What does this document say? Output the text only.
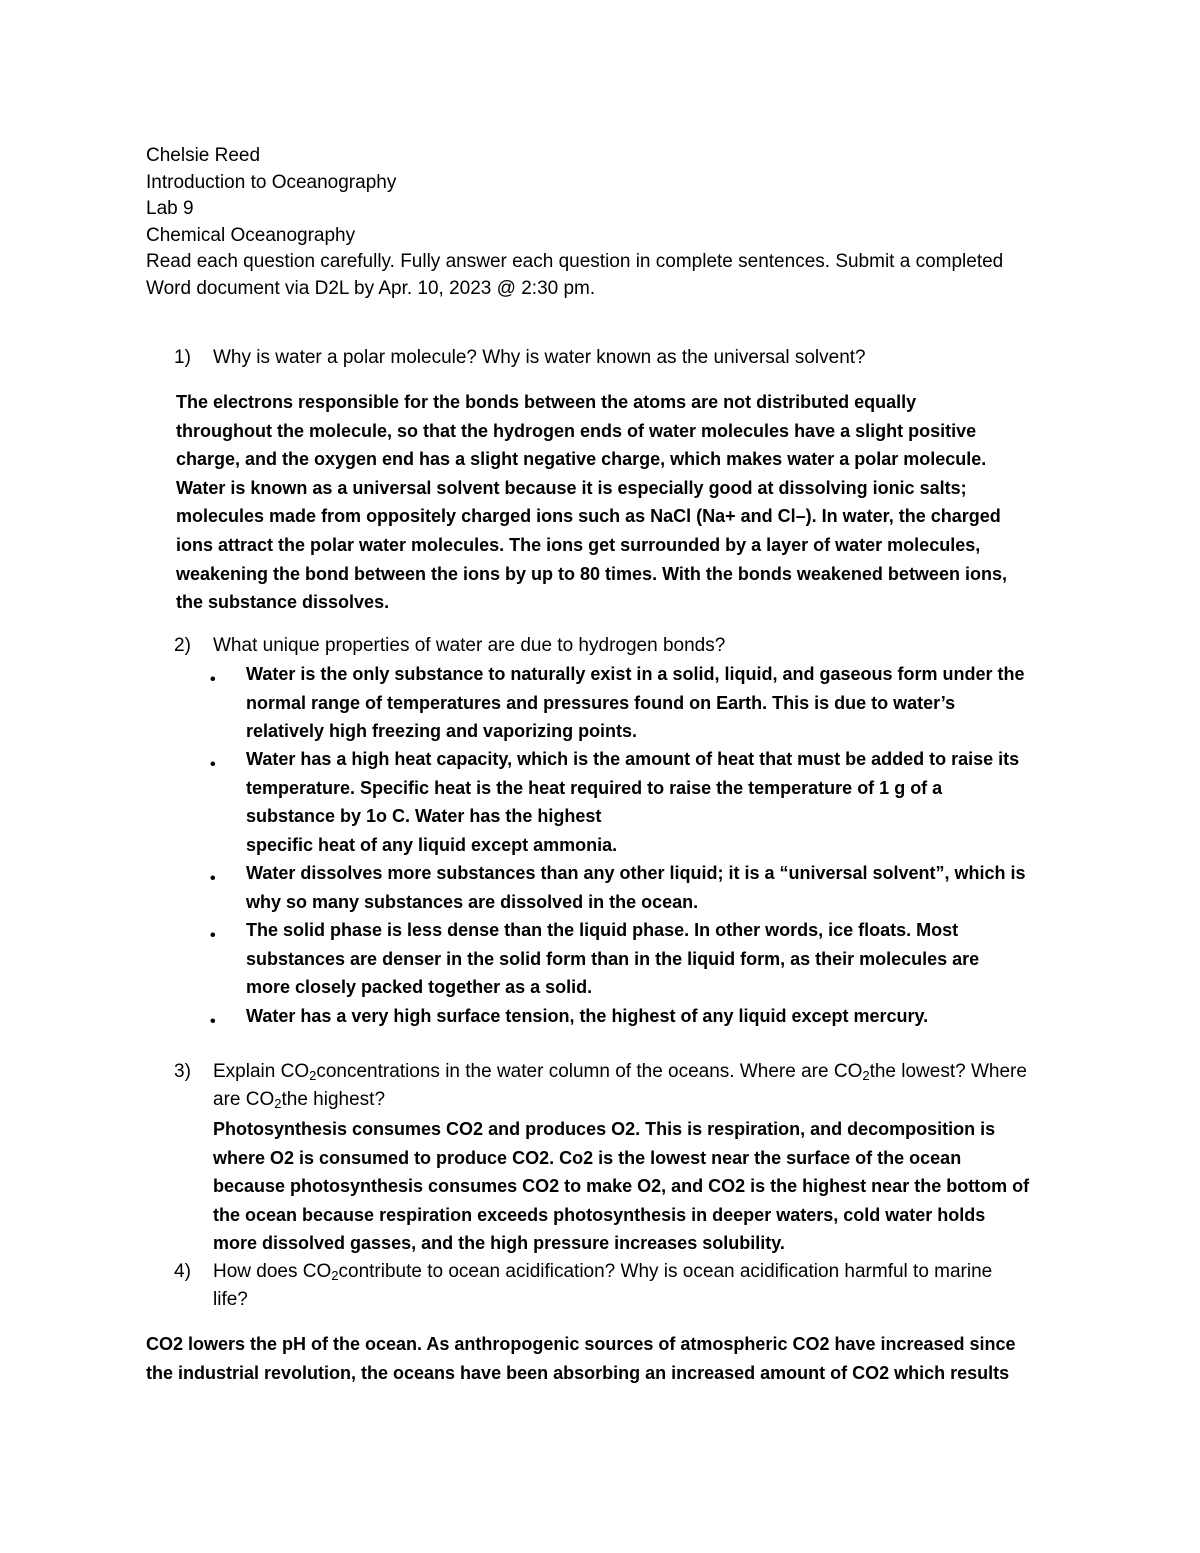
Chelsie Reed
Introduction to Oceanography
Lab 9
Chemical Oceanography
Read each question carefully. Fully answer each question in complete sentences. Submit a completed
Word document via D2L by Apr. 10, 2023 @ 2:30 pm.
1) Why is water a polar molecule? Why is water known as the universal solvent?
The electrons responsible for the bonds between the atoms are not distributed equally
throughout the molecule, so that the hydrogen ends of water molecules have a slight positive
charge, and the oxygen end has a slight negative charge, which makes water a polar molecule.
Water is known as a universal solvent because it is especially good at dissolving ionic salts;
molecules made from oppositely charged ions such as NaCl (Na+ and Cl–). In water, the charged
ions attract the polar water molecules. The ions get surrounded by a layer of water molecules,
weakening the bond between the ions by up to 80 times. With the bonds weakened between ions,
the substance dissolves.
2) What unique properties of water are due to hydrogen bonds?
• Water is the only substance to naturally exist in a solid, liquid, and gaseous form under the
normal range of temperatures and pressures found on Earth. This is due to water’s
relatively high freezing and vaporizing points.
• Water has a high heat capacity, which is the amount of heat that must be added to raise its
temperature. Specific heat is the heat required to raise the temperature of 1 g of a
substance by 1o C. Water has the highest
specific heat of any liquid except ammonia.
• Water dissolves more substances than any other liquid; it is a “universal solvent”, which is
why so many substances are dissolved in the ocean.
• The solid phase is less dense than the liquid phase. In other words, ice floats. Most
substances are denser in the solid form than in the liquid form, as their molecules are
more closely packed together as a solid.
• Water has a very high surface tension, the highest of any liquid except mercury.
3) Explain $CO_2concentrations$ in the water column of the oceans. Where are $CO_2the$ lowest? Where
are $CO_2the$ highest?
Photosynthesis consumes CO2 and produces O2. This is respiration, and decomposition is
where O2 is consumed to produce CO2. Co2 is the lowest near the surface of the ocean
because photosynthesis consumes CO2 to make O2, and CO2 is the highest near the bottom of
the ocean because respiration exceeds photosynthesis in deeper waters, cold water holds
more dissolved gasses, and the high pressure increases solubility.
4) How does $CO_2contribute$ to ocean acidification? Why is ocean acidification harmful to marine
life?
CO2 lowers the pH of the ocean. As anthropogenic sources of atmospheric CO2 have increased since
the industrial revolution, the oceans have been absorbing an increased amount of CO2 which results
